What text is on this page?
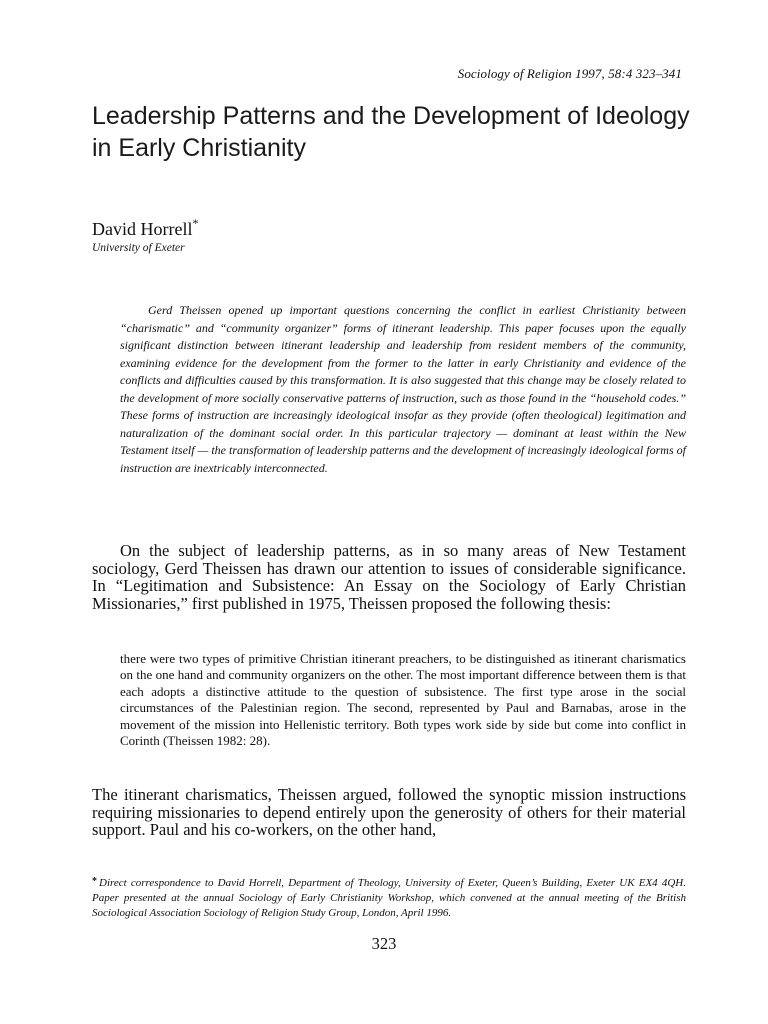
Sociology of Religion 1997, 58:4 323–341
Leadership Patterns and the Development of Ideology in Early Christianity
David Horrell*
University of Exeter

Gerd Theissen opened up important questions concerning the conflict in earliest Christianity between “charismatic” and “community organizer” forms of itinerant leadership. This paper focuses upon the equally significant distinction between itinerant leadership and leadership from resident members of the community, examining evidence for the development from the former to the latter in early Christianity and evidence of the conflicts and difficulties caused by this transformation. It is also suggested that this change may be closely related to the development of more socially conservative patterns of instruction, such as those found in the “household codes.” These forms of instruction are increasingly ideological insofar as they provide (often theological) legitimation and naturalization of the dominant social order. In this particular trajectory — dominant at least within the New Testament itself — the transformation of leadership patterns and the development of increasingly ideological forms of instruction are inextricably interconnected.

On the subject of leadership patterns, as in so many areas of New Testament sociology, Gerd Theissen has drawn our attention to issues of considerable significance. In “Legitimation and Subsistence: An Essay on the Sociology of Early Christian Missionaries,” first published in 1975, Theissen proposed the following thesis:

there were two types of primitive Christian itinerant preachers, to be distinguished as itinerant charismatics on the one hand and community organizers on the other. The most important difference between them is that each adopts a distinctive attitude to the question of subsistence. The first type arose in the social circumstances of the Palestinian region. The second, represented by Paul and Barnabas, arose in the movement of the mission into Hellenistic territory. Both types work side by side but come into conflict in Corinth (Theissen 1982: 28).

The itinerant charismatics, Theissen argued, followed the synoptic mission instructions requiring missionaries to depend entirely upon the generosity of others for their material support. Paul and his co-workers, on the other hand,

* Direct correspondence to David Horrell, Department of Theology, University of Exeter, Queen’s Building, Exeter UK EX4 4QH. Paper presented at the annual Sociology of Early Christianity Workshop, which convened at the annual meeting of the British Sociological Association Sociology of Religion Study Group, London, April 1996.

323
